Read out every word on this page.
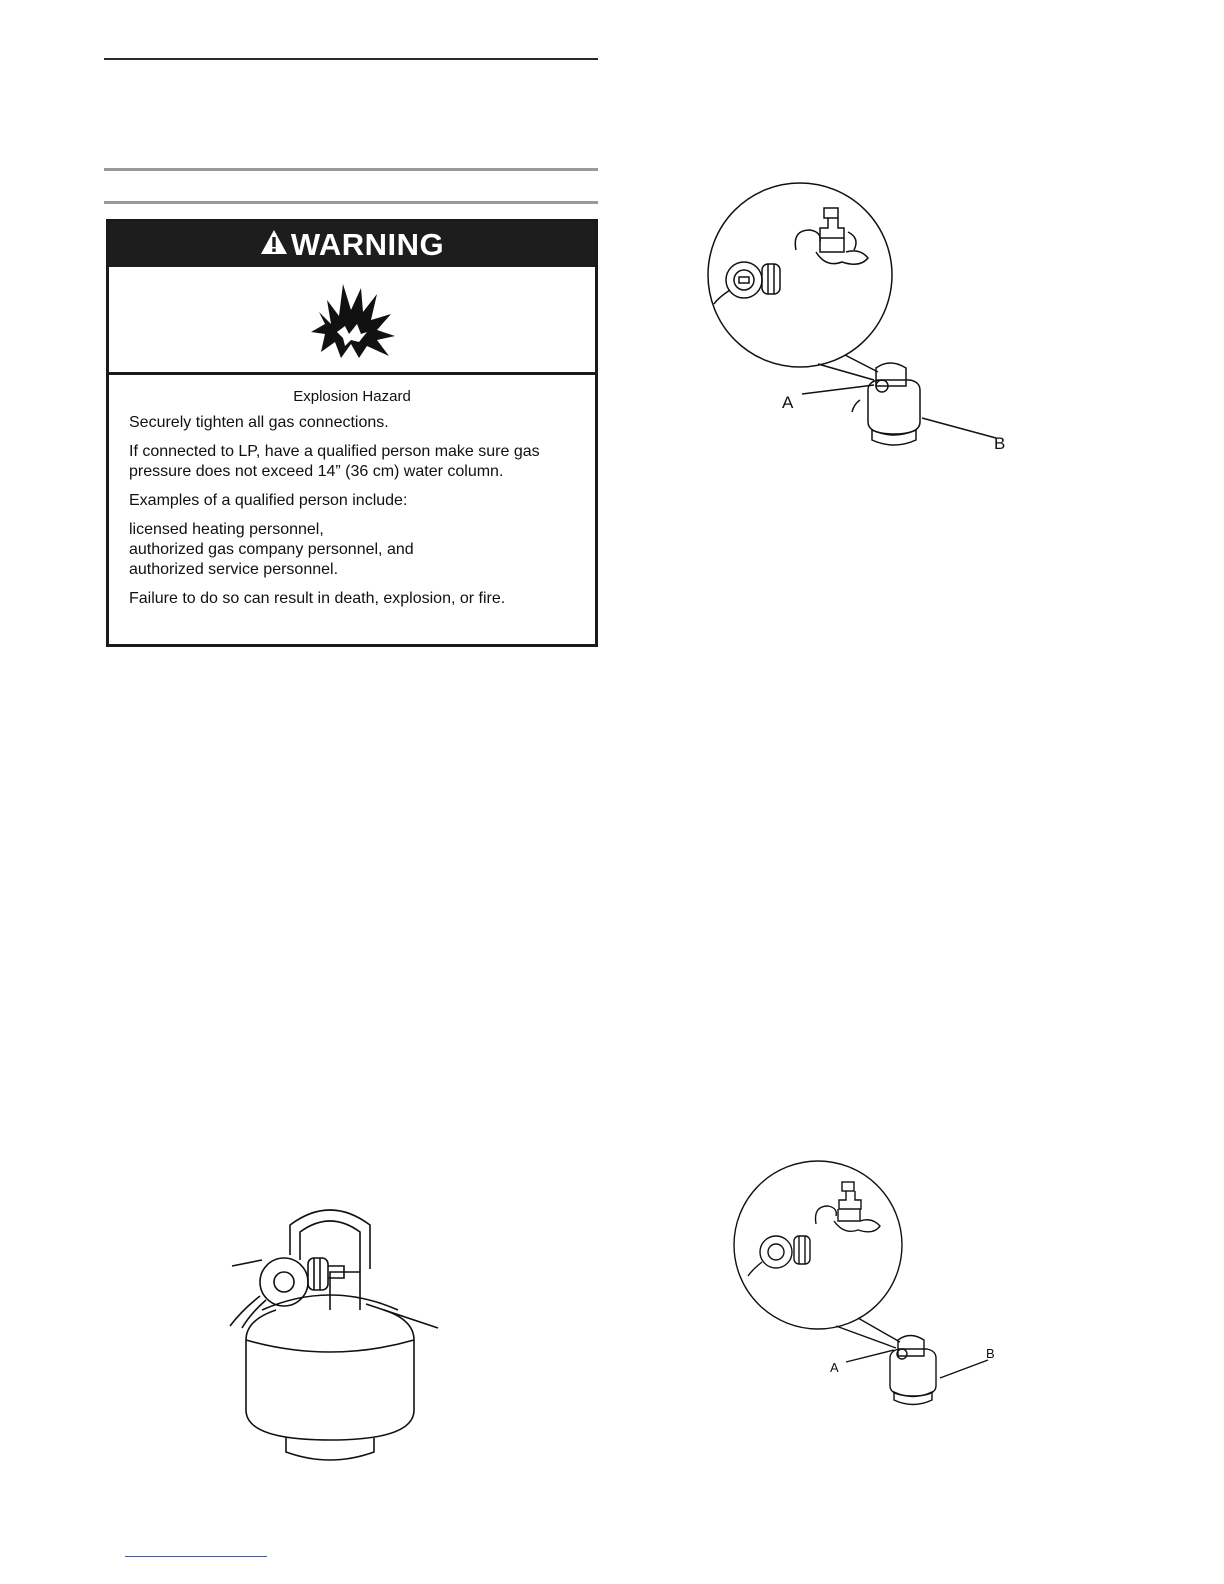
WARNING
Explosion Hazard

Securely tighten all gas connections.

If connected to LP, have a qualified person make sure gas pressure does not exceed 14” (36 cm) water column.

Examples of a qualified person include:

licensed heating personnel,

authorized gas company personnel, and

authorized service personnel.

Failure to do so can result in death, explosion, or fire.

A
B
A
B
